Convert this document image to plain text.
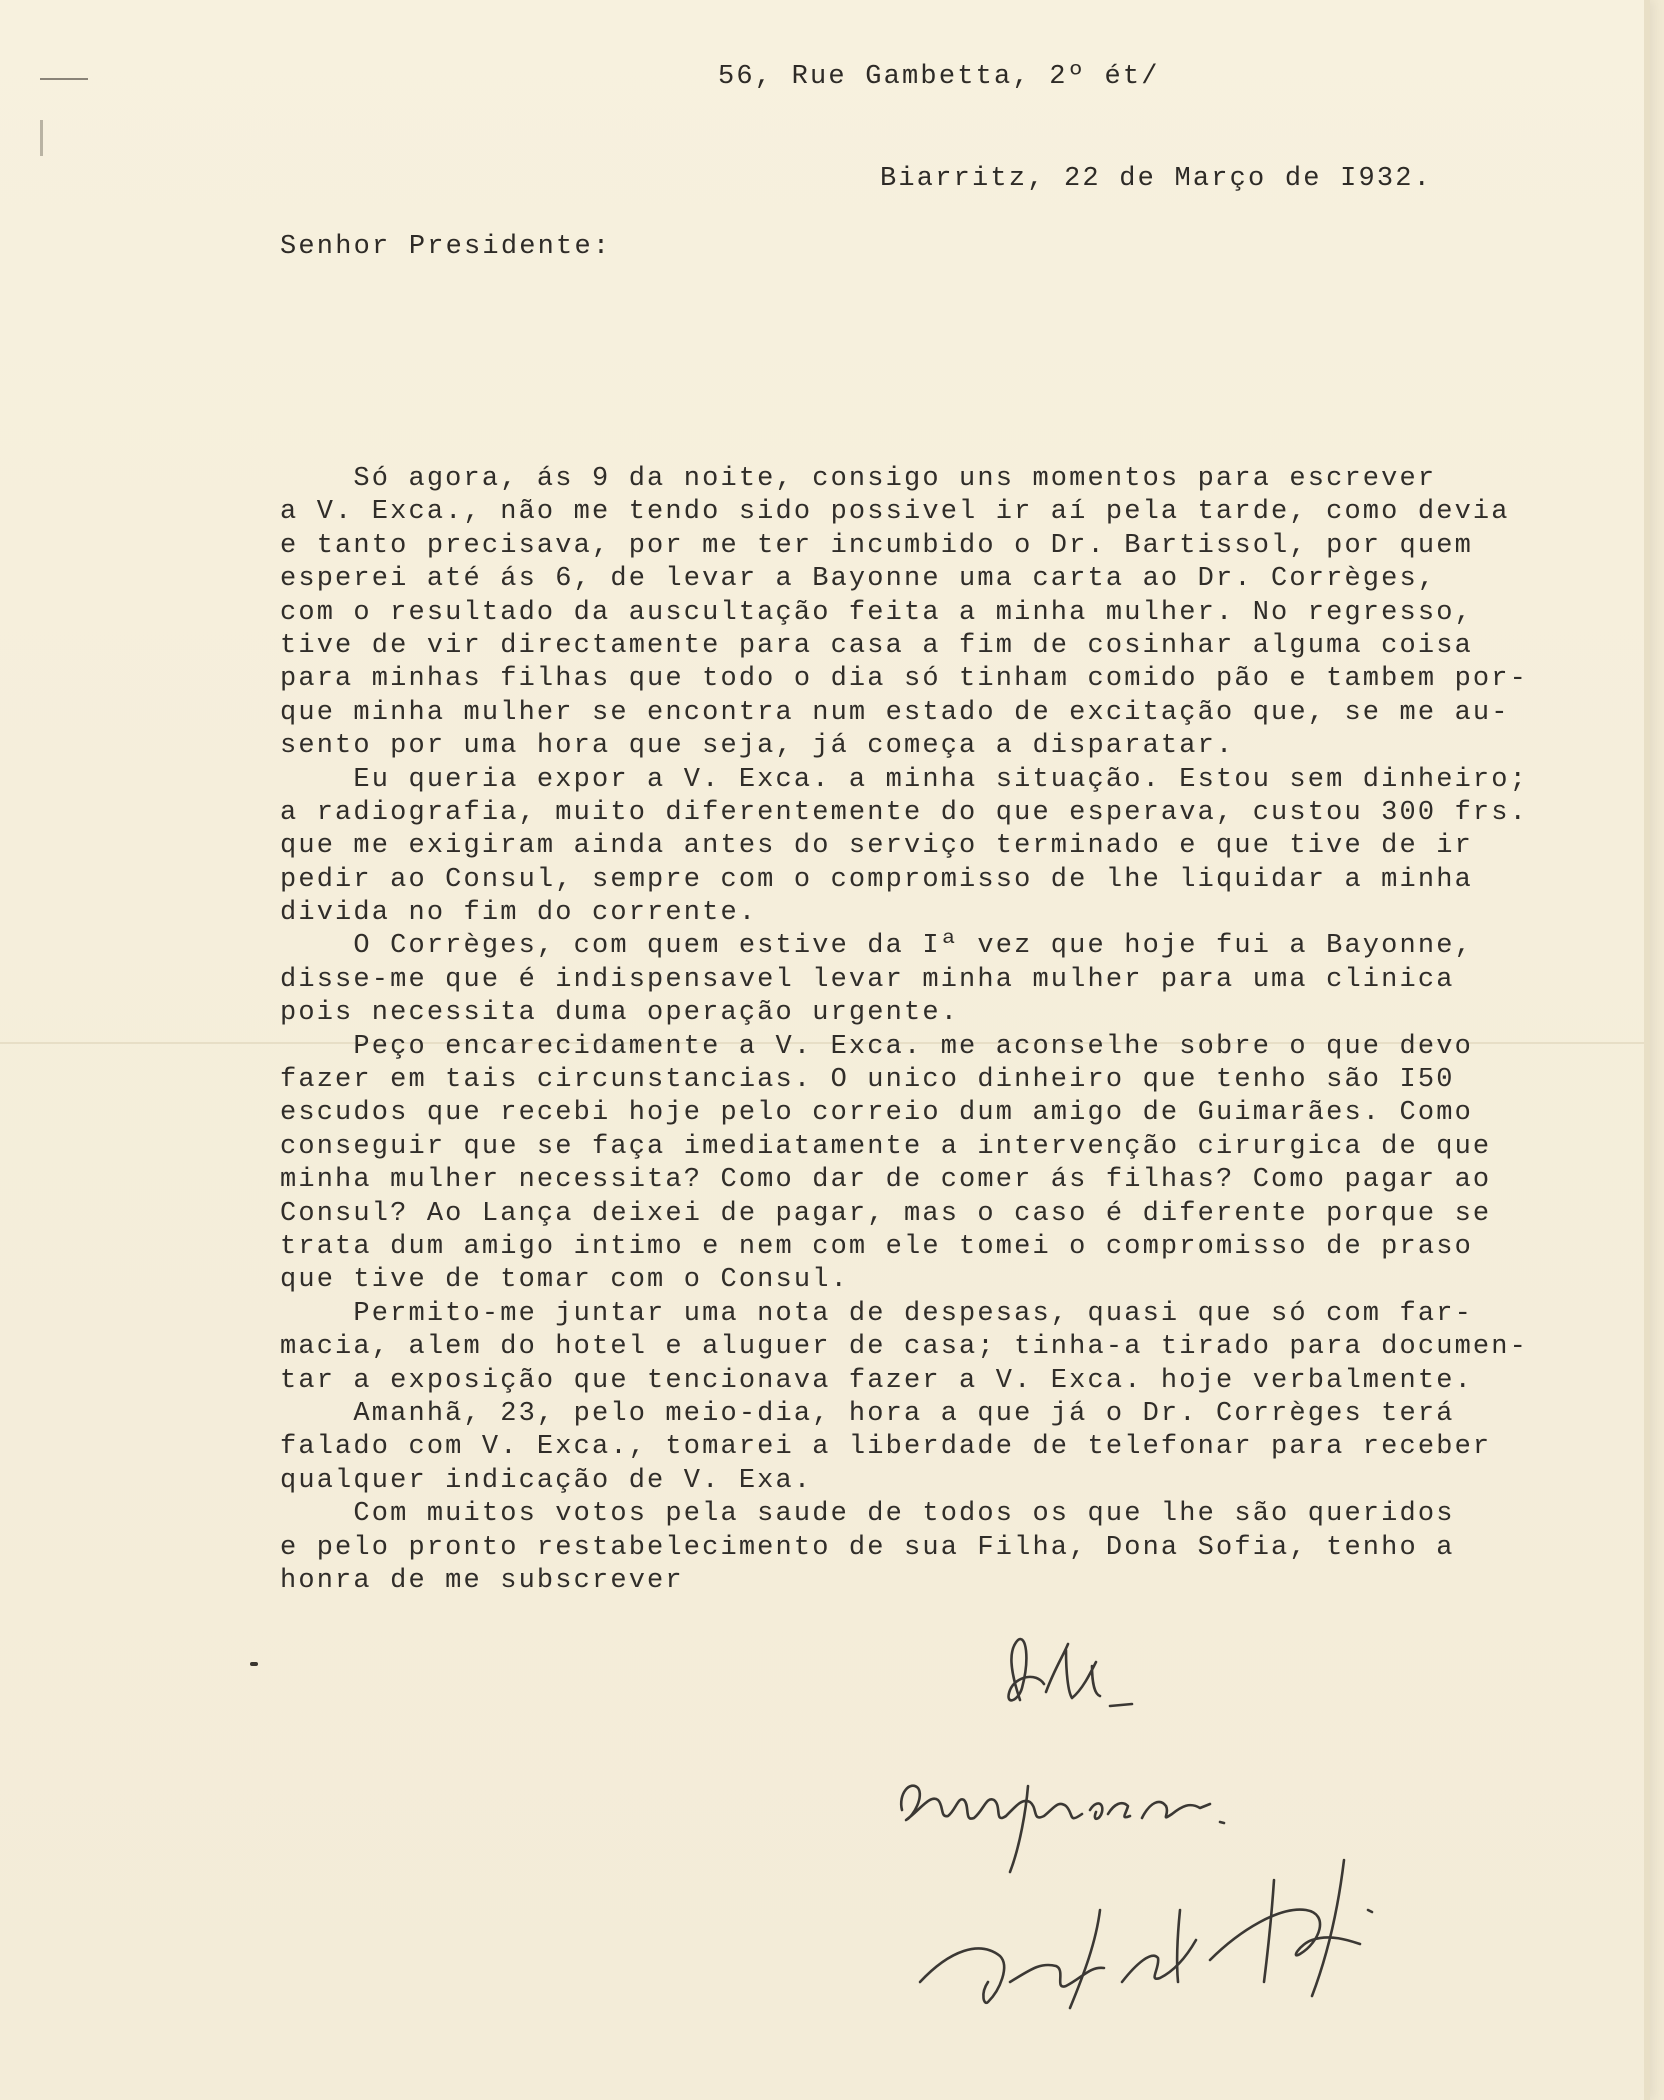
56, Rue Gambetta, 2º ét/
Biarritz, 22 de Março de I932.
Senhor Presidente:
Só agora, ás 9 da noite, consigo uns momentos para escrever
a V. Exca., não me tendo sido possivel ir aí pela tarde, como devia
e tanto precisava, por me ter incumbido o Dr. Bartissol, por quem
esperei até ás 6, de levar a Bayonne uma carta ao Dr. Corrèges,
com o resultado da auscultação feita a minha mulher. No regresso,
tive de vir directamente para casa a fim de cosinhar alguma coisa
para minhas filhas que todo o dia só tinham comido pão e tambem por-
que minha mulher se encontra num estado de excitação que, se me au-
sento por uma hora que seja, já começa a disparatar.
Eu queria expor a V. Exca. a minha situação. Estou sem dinheiro;
a radiografia, muito diferentemente do que esperava, custou 300 frs.
que me exigiram ainda antes do serviço terminado e que tive de ir
pedir ao Consul, sempre com o compromisso de lhe liquidar a minha
divida no fim do corrente.
O Corrèges, com quem estive da Iª vez que hoje fui a Bayonne,
disse-me que é indispensavel levar minha mulher para uma clinica
pois necessita duma operação urgente.
Peço encarecidamente a V. Exca. me aconselhe sobre o que devo
fazer em tais circunstancias. O unico dinheiro que tenho são I50
escudos que recebi hoje pelo correio dum amigo de Guimarães. Como
conseguir que se faça imediatamente a intervenção cirurgica de que
minha mulher necessita? Como dar de comer ás filhas? Como pagar ao
Consul? Ao Lança deixei de pagar, mas o caso é diferente porque se
trata dum amigo intimo e nem com ele tomei o compromisso de praso
que tive de tomar com o Consul.
Permito-me juntar uma nota de despesas, quasi que só com far-
macia, alem do hotel e aluguer de casa; tinha-a tirado para documen-
tar a exposição que tencionava fazer a V. Exca. hoje verbalmente.
Amanhã, 23, pelo meio-dia, hora a que já o Dr. Corrèges terá
falado com V. Exca., tomarei a liberdade de telefonar para receber
qualquer indicação de V. Exa.
Com muitos votos pela saude de todos os que lhe são queridos
e pelo pronto restabelecimento de sua Filha, Dona Sofia, tenho a
honra de me subscrever
